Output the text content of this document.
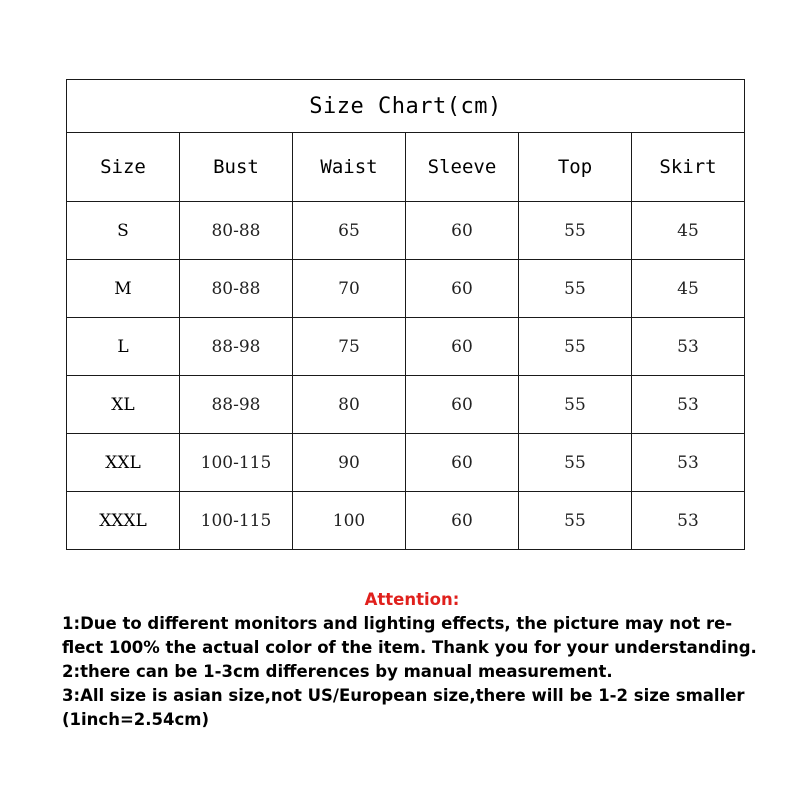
Size Chart(cm)					
Size	Bust	Waist	Sleeve	Top	Skirt
S	80-88	65	60	55	45
M	80-88	70	60	55	45
L	88-98	75	60	55	53
XL	88-98	80	60	55	53
XXL	100-115	90	60	55	53
XXXL	100-115	100	60	55	53
Attention:
1:Due to different monitors and lighting effects, the picture may not re-
flect 100% the actual color of the item. Thank you for your understanding.
2:there can be 1-3cm differences by manual measurement.
3:All size is asian size,not US/European size,there will be 1-2 size smaller
(1inch=2.54cm)
